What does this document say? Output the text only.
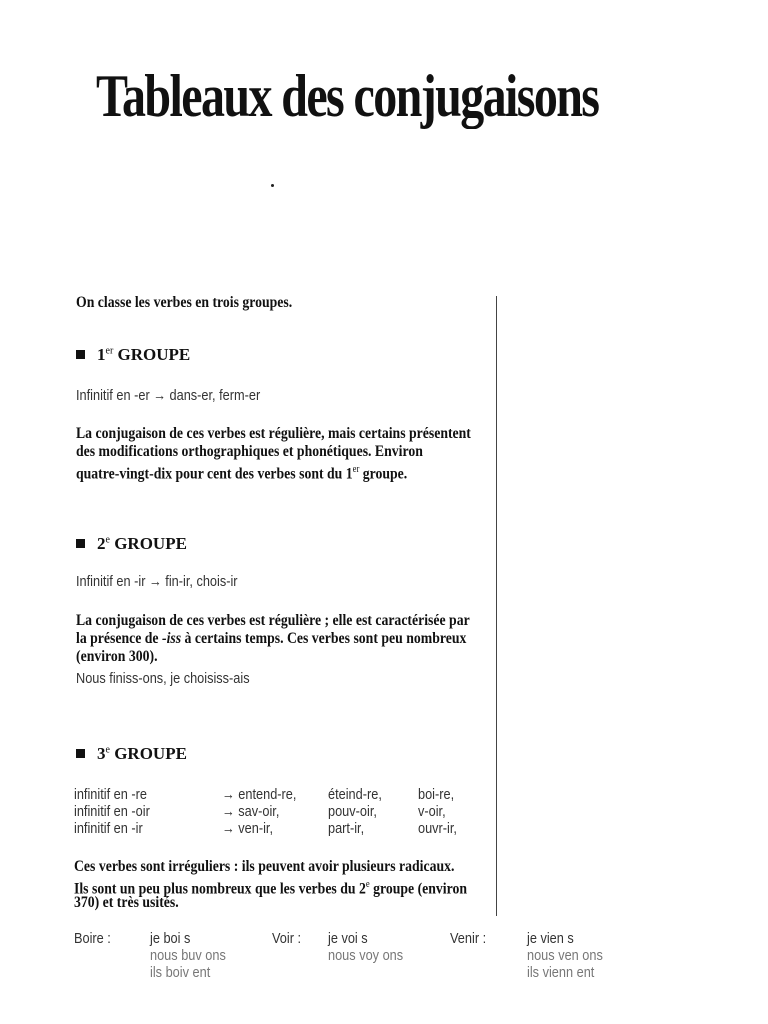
Tableaux des conjugaisons
On classe les verbes en trois groupes.
1er GROUPE
Infinitif en -er → dans-er, ferm-er
La conjugaison de ces verbes est régulière, mais certains présentent
des modifications orthographiques et phonétiques. Environ
quatre-vingt-dix pour cent des verbes sont du 1er groupe.
2e GROUPE
Infinitif en -ir → fin-ir, chois-ir
La conjugaison de ces verbes est régulière ; elle est caractérisée par
la présence de -iss à certains temps. Ces verbes sont peu nombreux
(environ 300).
Nous finiss-ons, je choisiss-ais
3e GROUPE
infinitif en -re	→ entend-re, éteind-re, boi-re,
infinitif en -oir	→ sav-oir,	pouv-oir,	v-oir,
infinitif en -ir	→ ven-ir,	part-ir,	ouvr-ir,
Ces verbes sont irréguliers : ils peuvent avoir plusieurs radicaux.
Ils sont un peu plus nombreux que les verbes du 2e groupe (environ
370) et très usités.
Boire :	je boi s
nous buv ons
ils boiv ent
Voir : je voi s
nous voy ons
Venir :	je vien s
nous ven ons
ils vienn ent
